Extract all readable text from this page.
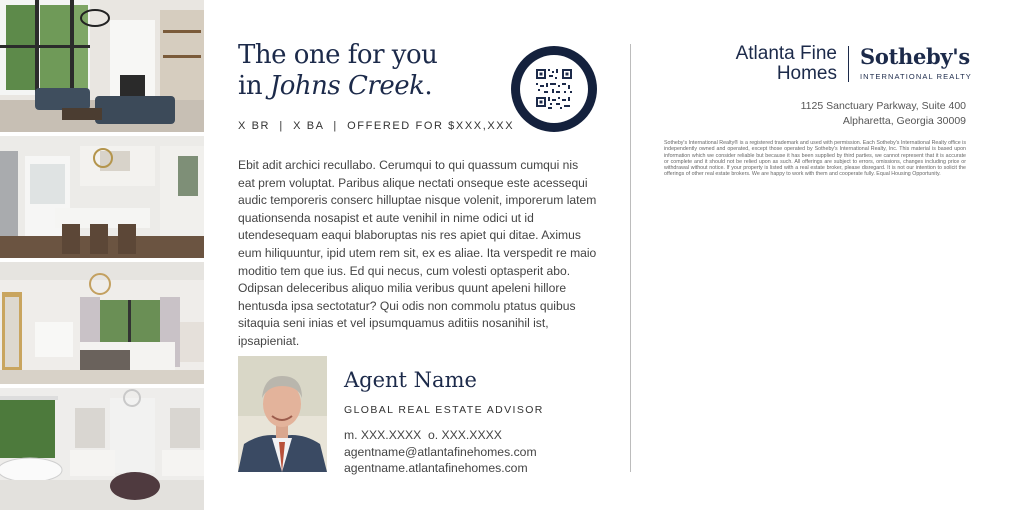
The one for you
in Johns Creek.
X BR  |  X BA  |  OFFERED FOR $XXX,XXX

Ebit adit archici recullabo. Cerumqui to qui quassum cumqui nis eat prem voluptat. Paribus alique nectati onseque este acessequi audic temporeris conserc hilluptae nisque volenit, imporerum latem quationsenda nosapist et aute venihil in nime odici ut id utendesequam eaqui blaboruptas nis res apiet qui ditae. Aximus eum hiliquuntur, ipid utem rem sit, ex es aliae. Ita verspedit re maio moditio tem que ius. Ed qui necus, cum volesti optasperit abo. Odipsan deleceribus aliquo milia veribus quunt apeleni hillore hentusda ipsa sectotatur? Qui odis non commolu ptatus quibus sitaquia seni inias et vel ipsumquamus aditiis nosanihil ist, ipsapieniat.

Agent Name
GLOBAL REAL ESTATE ADVISOR
m. XXX.XXXX  o. XXX.XXXX
agentname@atlantafinehomes.com
agentname.atlantafinehomes.com
Atlanta Fine
Homes
Sotheby's
INTERNATIONAL REALTY
1125 Sanctuary Parkway, Suite 400
Alpharetta, Georgia 30009
Sotheby's International Realty® is a registered trademark and used with permission. Each Sotheby's International Realty office is independently owned and operated, except those operated by Sotheby's International Realty, Inc. This material is based upon information which we consider reliable but because it has been supplied by third parties, we cannot represent that it is accurate or complete and it should not be relied upon as such. All offerings are subject to errors, omissions, changes including price or withdrawal without notice. If your property is listed with a real estate broker, please disregard. It is not our intention to solicit the offerings of other real estate brokers. We are happy to work with them and cooperate fully. Equal Housing Opportunity.
